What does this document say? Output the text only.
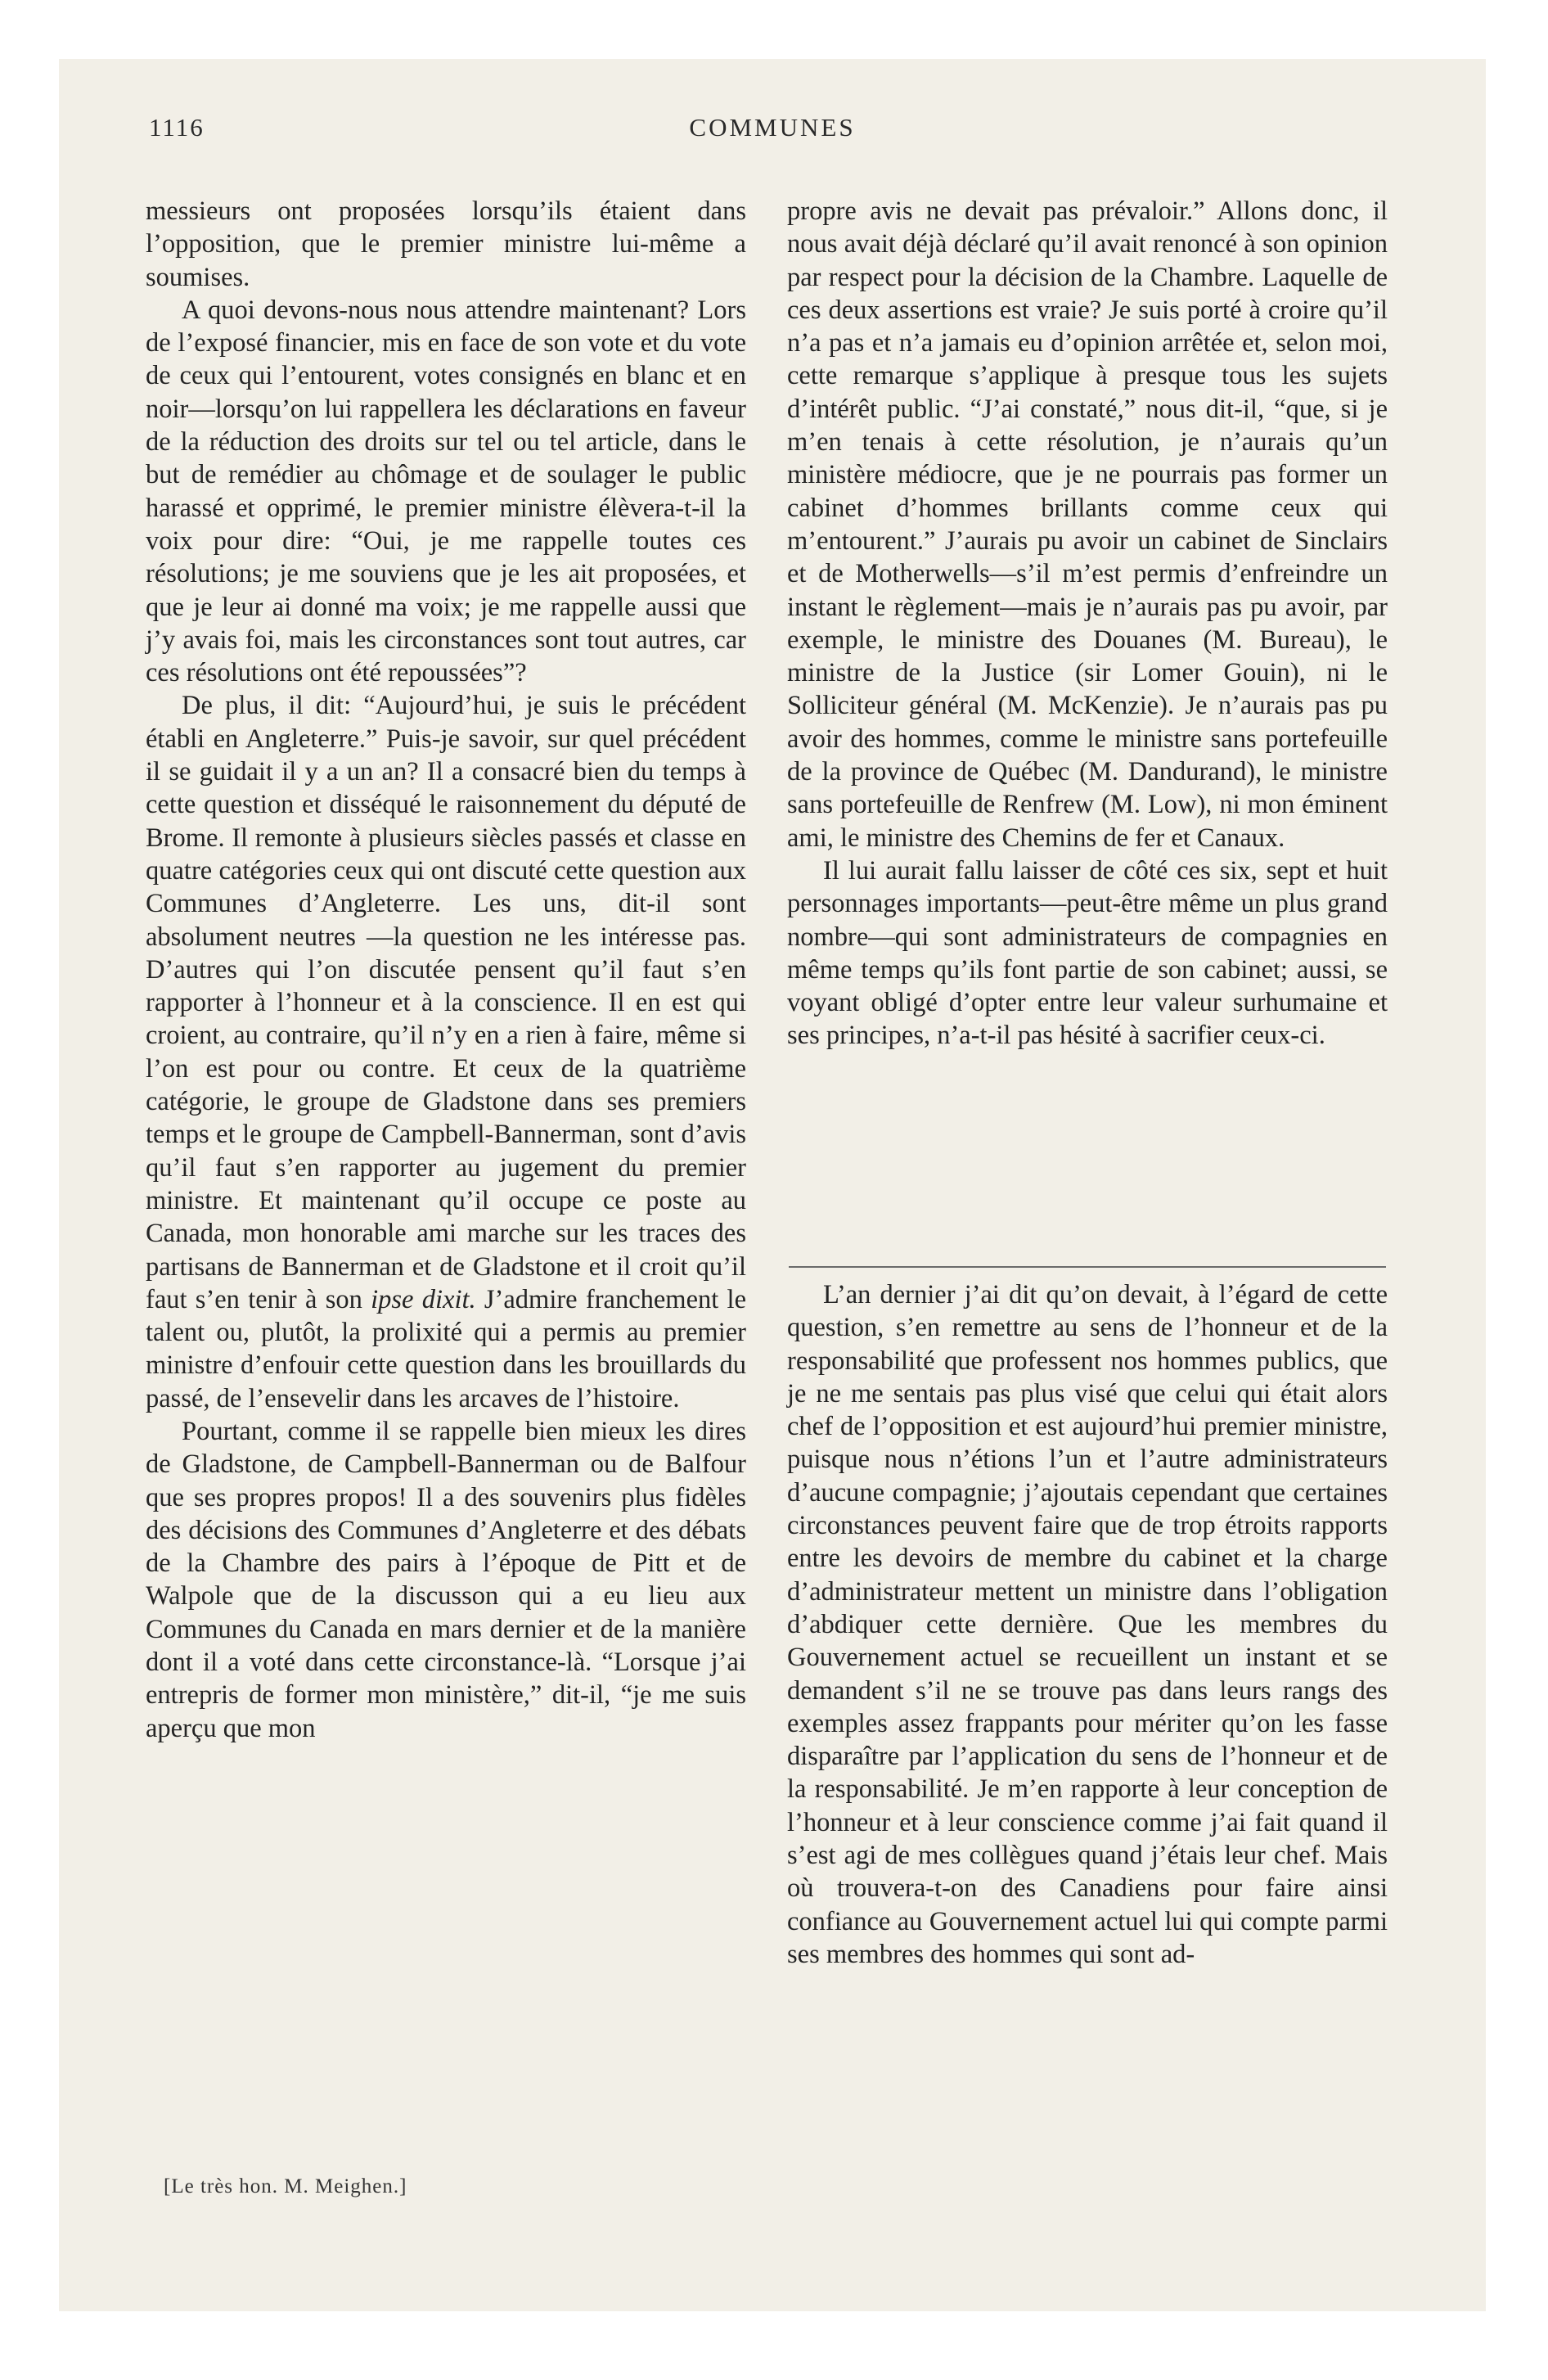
1116	COMMUNES

messieurs ont proposées lorsqu’ils étaient dans l’opposition, que le premier ministre lui-même a soumises.

A quoi devons-nous nous attendre maintenant? Lors de l’exposé financier, mis en face de son vote et du vote de ceux qui l’entourent, votes consignés en blanc et en noir—lorsqu’on lui rappellera les déclarations en faveur de la réduction des droits sur tel ou tel article, dans le but de remédier au chômage et de soulager le public harassé et opprimé, le premier ministre élèvera-t-il la voix pour dire: “Oui, je me rappelle toutes ces résolutions; je me souviens que je les ait proposées, et que je leur ai donné ma voix; je me rappelle aussi que j’y avais foi, mais les circonstances sont tout autres, car ces résolutions ont été repoussées”?

De plus, il dit: “Aujourd’hui, je suis le précédent établi en Angleterre.” Puis-je savoir, sur quel précédent il se guidait il y a un an? Il a consacré bien du temps à cette question et disséqué le raisonnement du député de Brome. Il remonte à plusieurs siècles passés et classe en quatre catégories ceux qui ont discuté cette question aux Communes d’Angleterre. Les uns, dit-il sont absolument neutres —la question ne les intéresse pas. D’autres qui l’on discutée pensent qu’il faut s’en rapporter à l’honneur et à la conscience. Il en est qui croient, au contraire, qu’il n’y en a rien à faire, même si l’on est pour ou contre. Et ceux de la quatrième catégorie, le groupe de Gladstone dans ses premiers temps et le groupe de Campbell-Bannerman, sont d’avis qu’il faut s’en rapporter au jugement du premier ministre. Et maintenant qu’il occupe ce poste au Canada, mon honorable ami marche sur les traces des partisans de Bannerman et de Gladstone et il croit qu’il faut s’en tenir à son ipse dixit. J’admire franchement le talent ou, plutôt, la prolixité qui a permis au premier ministre d’enfouir cette question dans les brouillards du passé, de l’ensevelir dans les arcaves de l’histoire.

Pourtant, comme il se rappelle bien mieux les dires de Gladstone, de Campbell-Bannerman ou de Balfour que ses propres propos! Il a des souvenirs plus fidèles des décisions des Communes d’Angleterre et des débats de la Chambre des pairs à l’époque de Pitt et de Walpole que de la discusson qui a eu lieu aux Communes du Canada en mars dernier et de la manière dont il a voté dans cette circonstance-là. “Lorsque j’ai entrepris de former mon ministère,” dit-il, “je me suis aperçu que mon

propre avis ne devait pas prévaloir.” Allons donc, il nous avait déjà déclaré qu’il avait renoncé à son opinion par respect pour la décision de la Chambre. Laquelle de ces deux assertions est vraie? Je suis porté à croire qu’il n’a pas et n’a jamais eu d’opinion arrêtée et, selon moi, cette remarque s’applique à presque tous les sujets d’intérêt public. “J’ai constaté,” nous dit-il, “que, si je m’en tenais à cette résolution, je n’aurais qu’un ministère médiocre, que je ne pourrais pas former un cabinet d’hommes brillants comme ceux qui m’entourent.” J’aurais pu avoir un cabinet de Sinclairs et de Motherwells—s’il m’est permis d’enfreindre un instant le règlement—mais je n’aurais pas pu avoir, par exemple, le ministre des Douanes (M. Bureau), le ministre de la Justice (sir Lomer Gouin), ni le Solliciteur général (M. McKenzie). Je n’aurais pas pu avoir des hommes, comme le ministre sans portefeuille de la province de Québec (M. Dandurand), le ministre sans portefeuille de Renfrew (M. Low), ni mon éminent ami, le ministre des Chemins de fer et Canaux.

Il lui aurait fallu laisser de côté ces six, sept et huit personnages importants—peut-être même un plus grand nombre—qui sont administrateurs de compagnies en même temps qu’ils font partie de son cabinet; aussi, se voyant obligé d’opter entre leur valeur surhumaine et ses principes, n’a-t-il pas hésité à sacrifier ceux-ci.

L’an dernier j’ai dit qu’on devait, à l’égard de cette question, s’en remettre au sens de l’honneur et de la responsabilité que professent nos hommes publics, que je ne me sentais pas plus visé que celui qui était alors chef de l’opposition et est aujourd’hui premier ministre, puisque nous n’étions l’un et l’autre administrateurs d’aucune compagnie; j’ajoutais cependant que certaines circonstances peuvent faire que de trop étroits rapports entre les devoirs de membre du cabinet et la charge d’administrateur mettent un ministre dans l’obligation d’abdiquer cette dernière. Que les membres du Gouvernement actuel se recueillent un instant et se demandent s’il ne se trouve pas dans leurs rangs des exemples assez frappants pour mériter qu’on les fasse disparaître par l’application du sens de l’honneur et de la responsabilité. Je m’en rapporte à leur conception de l’honneur et à leur conscience comme j’ai fait quand il s’est agi de mes collègues quand j’étais leur chef. Mais où trouvera-t-on des Canadiens pour faire ainsi confiance au Gouvernement actuel lui qui compte parmi ses membres des hommes qui sont ad-

[Le très hon. M. Meighen.]
